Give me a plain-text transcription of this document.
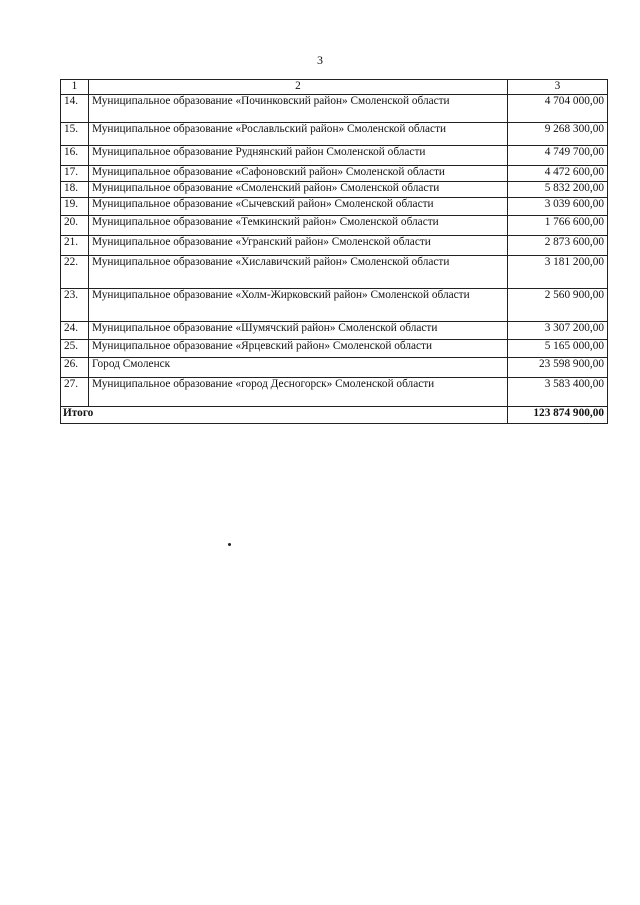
3
1	2	3
14.	Муниципальное образование «Починковский район» Смоленской области	4 704 000,00
15.	Муниципальное образование «Рославльский район» Смоленской области	9 268 300,00
16.	Муниципальное образование Руднянский район Смоленской области	4 749 700,00
17.	Муниципальное образование «Сафоновский район» Смоленской области	4 472 600,00
18.	Муниципальное образование «Смоленский район» Смоленской области	5 832 200,00
19.	Муниципальное образование «Сычевский район» Смоленской области	3 039 600,00
20.	Муниципальное образование «Темкинский район» Смоленской области	1 766 600,00
21.	Муниципальное образование «Угранский район» Смоленской области	2 873 600,00
22.	Муниципальное образование «Хиславичский район» Смоленской области	3 181 200,00
23.	Муниципальное образование «Холм-Жирковский район» Смоленской области	2 560 900,00
24.	Муниципальное образование «Шумячский район» Смоленской области	3 307 200,00
25.	Муниципальное образование «Ярцевский район» Смоленской области	5 165 000,00
26.	Город Смоленск	23 598 900,00
27.	Муниципальное образование «город Десногорск» Смоленской области	3 583 400,00
Итого		123 874 900,00
